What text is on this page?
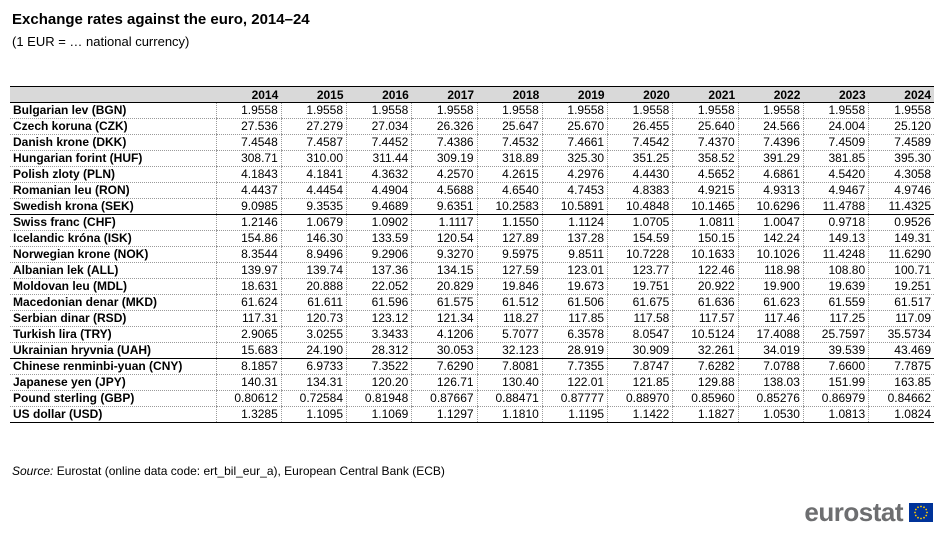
Exchange rates against the euro, 2014–24
(1 EUR = … national currency)
	2014	2015	2016	2017	2018	2019	2020	2021	2022	2023	2024
Bulgarian lev (BGN)	1.9558	1.9558	1.9558	1.9558	1.9558	1.9558	1.9558	1.9558	1.9558	1.9558	1.9558
Czech koruna (CZK)	27.536	27.279	27.034	26.326	25.647	25.670	26.455	25.640	24.566	24.004	25.120
Danish krone (DKK)	7.4548	7.4587	7.4452	7.4386	7.4532	7.4661	7.4542	7.4370	7.4396	7.4509	7.4589
Hungarian forint (HUF)	308.71	310.00	311.44	309.19	318.89	325.30	351.25	358.52	391.29	381.85	395.30
Polish zloty (PLN)	4.1843	4.1841	4.3632	4.2570	4.2615	4.2976	4.4430	4.5652	4.6861	4.5420	4.3058
Romanian leu (RON)	4.4437	4.4454	4.4904	4.5688	4.6540	4.7453	4.8383	4.9215	4.9313	4.9467	4.9746
Swedish krona (SEK)	9.0985	9.3535	9.4689	9.6351	10.2583	10.5891	10.4848	10.1465	10.6296	11.4788	11.4325
Swiss franc (CHF)	1.2146	1.0679	1.0902	1.1117	1.1550	1.1124	1.0705	1.0811	1.0047	0.9718	0.9526
Icelandic króna (ISK)	154.86	146.30	133.59	120.54	127.89	137.28	154.59	150.15	142.24	149.13	149.31
Norwegian krone (NOK)	8.3544	8.9496	9.2906	9.3270	9.5975	9.8511	10.7228	10.1633	10.1026	11.4248	11.6290
Albanian lek (ALL)	139.97	139.74	137.36	134.15	127.59	123.01	123.77	122.46	118.98	108.80	100.71
Moldovan leu (MDL)	18.631	20.888	22.052	20.829	19.846	19.673	19.751	20.922	19.900	19.639	19.251
Macedonian denar (MKD)	61.624	61.611	61.596	61.575	61.512	61.506	61.675	61.636	61.623	61.559	61.517
Serbian dinar (RSD)	117.31	120.73	123.12	121.34	118.27	117.85	117.58	117.57	117.46	117.25	117.09
Turkish lira (TRY)	2.9065	3.0255	3.3433	4.1206	5.7077	6.3578	8.0547	10.5124	17.4088	25.7597	35.5734
Ukrainian hryvnia (UAH)	15.683	24.190	28.312	30.053	32.123	28.919	30.909	32.261	34.019	39.539	43.469
Chinese renminbi-yuan (CNY)	8.1857	6.9733	7.3522	7.6290	7.8081	7.7355	7.8747	7.6282	7.0788	7.6600	7.7875
Japanese yen (JPY)	140.31	134.31	120.20	126.71	130.40	122.01	121.85	129.88	138.03	151.99	163.85
Pound sterling (GBP)	0.80612	0.72584	0.81948	0.87667	0.88471	0.87777	0.88970	0.85960	0.85276	0.86979	0.84662
US dollar (USD)	1.3285	1.1095	1.1069	1.1297	1.1810	1.1195	1.1422	1.1827	1.0530	1.0813	1.0824
Source: Eurostat (online data code: ert_bil_eur_a), European Central Bank (ECB)
eurostat
